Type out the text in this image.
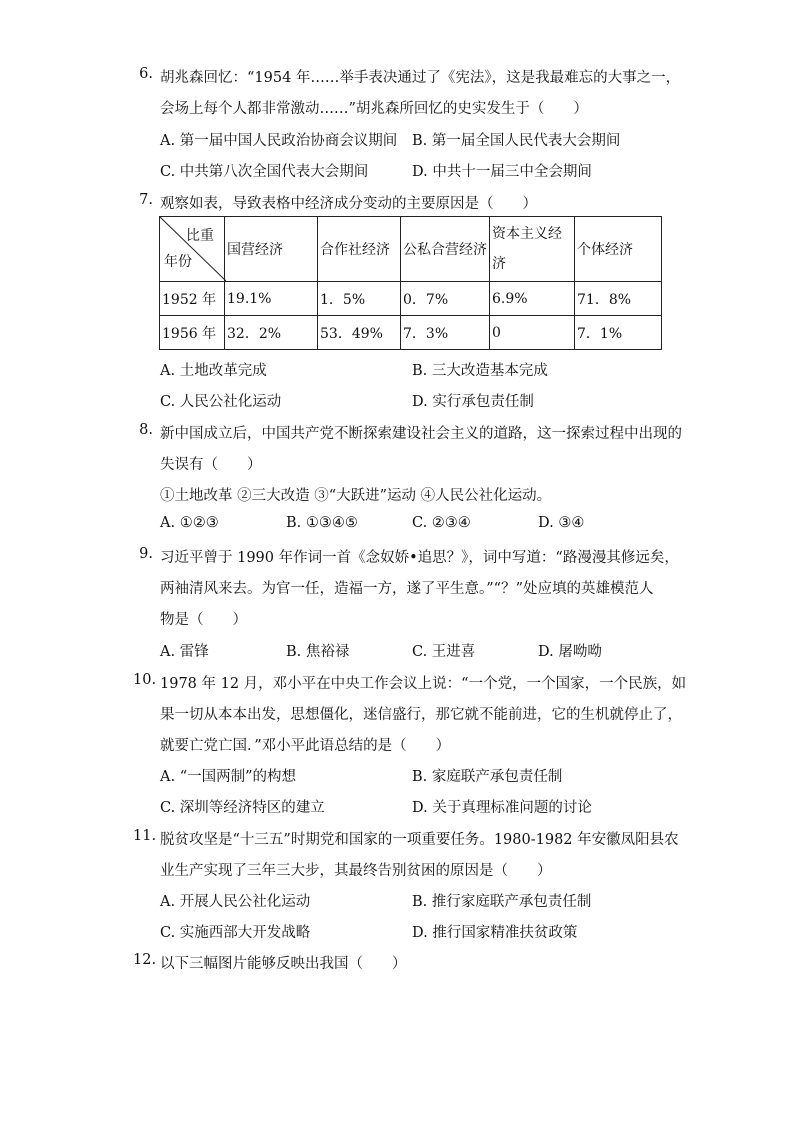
6. 胡兆森回忆：“1954 年……举手表决通过了《宪法》，这是我最难忘的大事之一，
会场上每个人都非常激动……”胡兆森所回忆的史实发生于（　　）
A. 第一届中国人民政治协商会议期间 B. 第一届全国人民代表大会期间
C. 中共第八次全国代表大会期间	D. 中共十一届三中全会期间
7. 观察如表，导致表格中经济成分变动的主要原因是（　　）
比重
年份	国营经济	合作社经济	公私合营经济	资本主义经济	个体经济
1952 年	19.1%	1．5%	0．7%	6.9%	71．8%
1956 年	32．2%	53．49%	7．3%	0	7．1%
A. 土地改革完成	B. 三大改造基本完成
C. 人民公社化运动	D. 实行承包责任制
8. 新中国成立后，中国共产党不断探索建设社会主义的道路，这一探索过程中出现的
失误有（　　）
①土地改革 ②三大改造 ③“大跃进”运动 ④人民公社化运动。
A. ①②③	B. ①③④⑤	C. ②③④	D. ③④
9. 习近平曾于 1990 年作词一首《念奴娇•追思？》，词中写道：“路漫漫其修远矣，
两袖清风来去。为官一任，造福一方，遂了平生意。”“？”处应填的英雄模范人
物是（　　）
A. 雷锋	B. 焦裕禄	C. 王进喜	D. 屠呦呦
10. 1978 年 12 月，邓小平在中央工作会议上说：“一个党，一个国家，一个民族，如
果一切从本本出发，思想僵化，迷信盛行，那它就不能前进，它的生机就停止了，
就要亡党亡国．”邓小平此语总结的是（　　）
A. “一国两制”的构想	B. 家庭联产承包责任制
C. 深圳等经济特区的建立	D. 关于真理标准问题的讨论
11. 脱贫攻坚是“十三五”时期党和国家的一项重要任务。1980-1982 年安徽凤阳县农
业生产实现了三年三大步，其最终告别贫困的原因是（　　）
A. 开展人民公社化运动	B. 推行家庭联产承包责任制
C. 实施西部大开发战略	D. 推行国家精准扶贫政策
12. 以下三幅图片能够反映出我国（　　）
